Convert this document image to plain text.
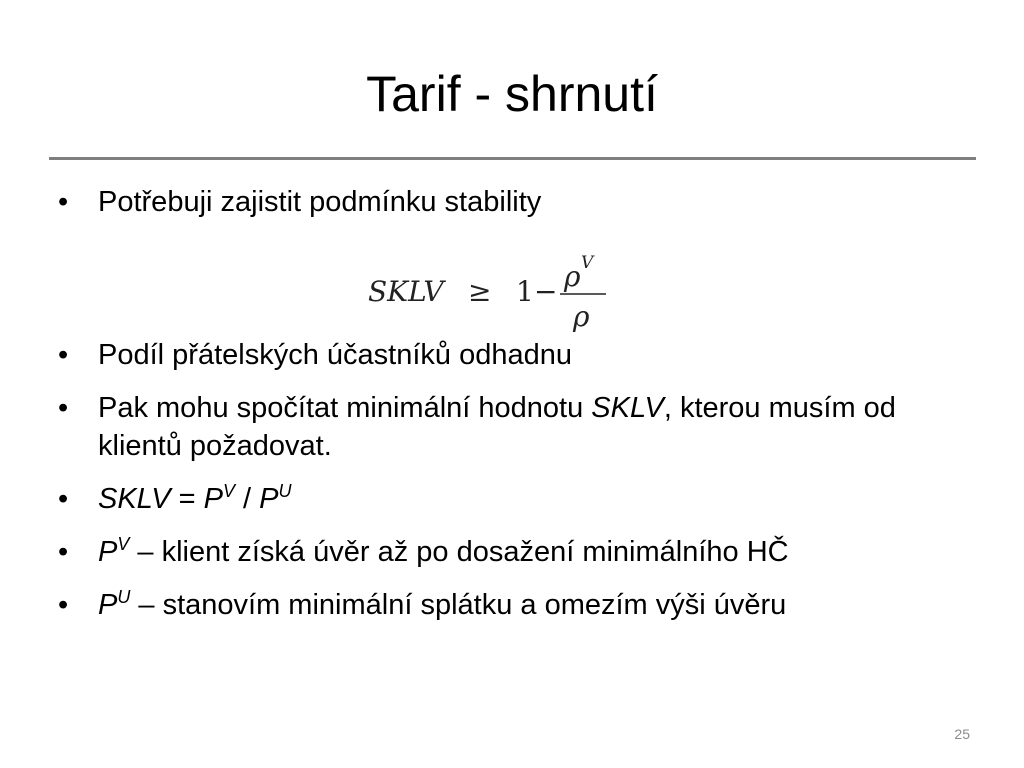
Tarif - shrnutí
• Potřebuji zajistit podmínku stability
• Podíl přátelských účastníků odhadnu
• Pak mohu spočítat minimální hodnotu SKLV, kterou musím od klientů požadovat.
• SKLV = $P^V / P^U$
• $P^V$ – klient získá úvěr až po dosažení minimálního HČ
• $P^U$ – stanovím minimální splátku a omezím výši úvěru
SKLV ≥ 1 − ρ V
ρ
25
